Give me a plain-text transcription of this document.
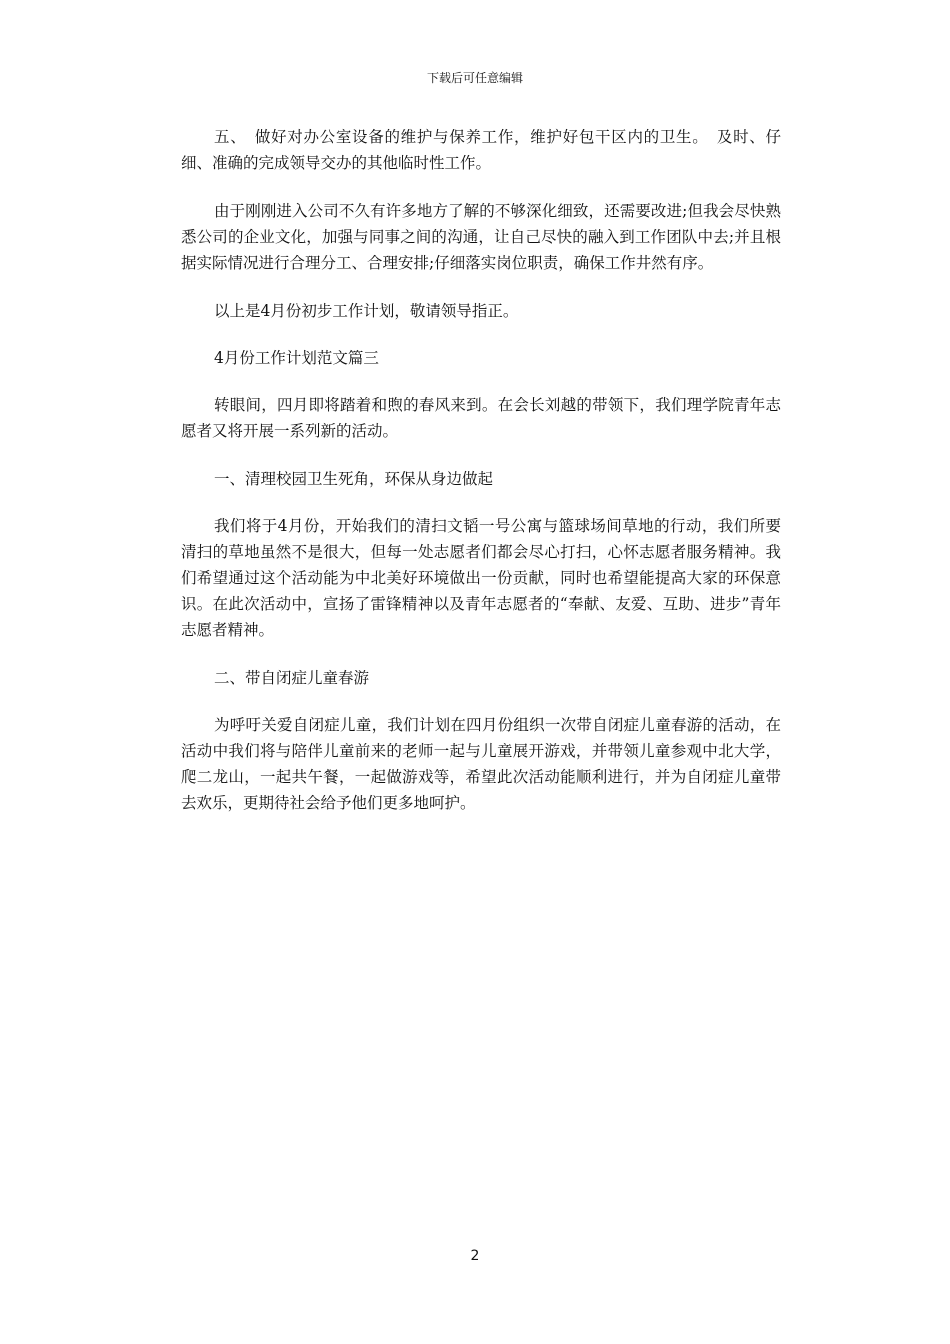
下载后可任意编辑

五、　做好对办公室设备的维护与保养工作，维护好包干区内的卫生。　及时、仔细、准确的完成领导交办的其他临时性工作。

由于刚刚进入公司不久有许多地方了解的不够深化细致，还需要改进;但我会尽快熟悉公司的企业文化，加强与同事之间的沟通，让自己尽快的融入到工作团队中去;并且根据实际情况进行合理分工、合理安排;仔细落实岗位职责，确保工作井然有序。

以上是4月份初步工作计划，敬请领导指正。

4月份工作计划范文篇三

转眼间，四月即将踏着和煦的春风来到。在会长刘越的带领下，我们理学院青年志愿者又将开展一系列新的活动。

一、清理校园卫生死角，环保从身边做起

我们将于4月份，开始我们的清扫文韬一号公寓与篮球场间草地的行动，我们所要清扫的草地虽然不是很大，但每一处志愿者们都会尽心打扫，心怀志愿者服务精神。我们希望通过这个活动能为中北美好环境做出一份贡献，同时也希望能提高大家的环保意识。在此次活动中，宣扬了雷锋精神以及青年志愿者的“奉献、友爱、互助、进步”青年志愿者精神。

二、带自闭症儿童春游

为呼吁关爱自闭症儿童，我们计划在四月份组织一次带自闭症儿童春游的活动，在活动中我们将与陪伴儿童前来的老师一起与儿童展开游戏，并带领儿童参观中北大学，爬二龙山，一起共午餐，一起做游戏等，希望此次活动能顺利进行，并为自闭症儿童带去欢乐，更期待社会给予他们更多地呵护。

2
